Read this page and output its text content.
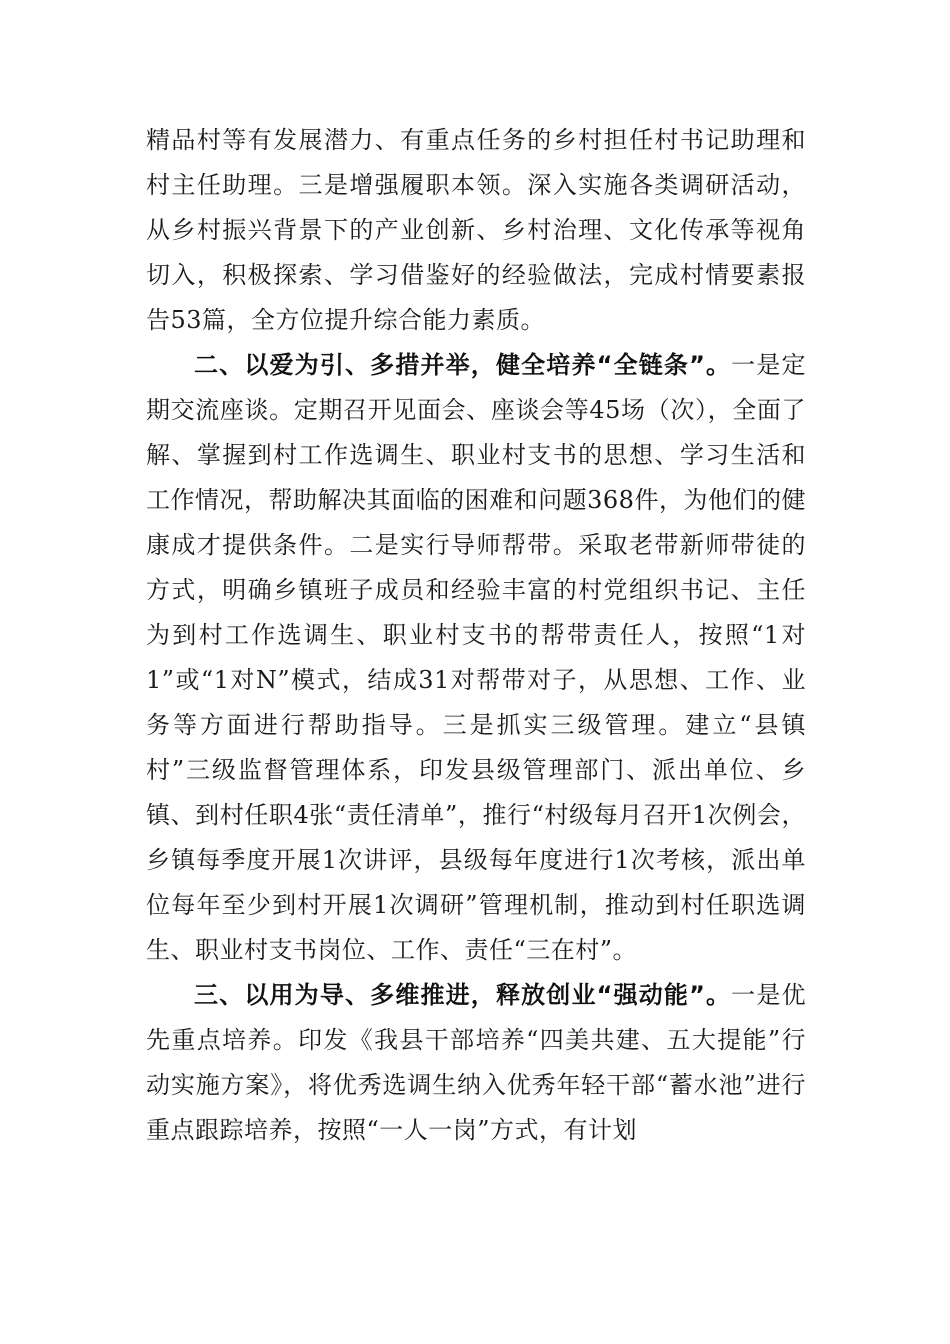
精品村等有发展潜力、有重点任务的乡村担任村书记助理和村主任助理。三是增强履职本领。深入实施各类调研活动，从乡村振兴背景下的产业创新、乡村治理、文化传承等视角切入，积极探索、学习借鉴好的经验做法，完成村情要素报告53篇，全方位提升综合能力素质。

二、以爱为引、多措并举，健全培养“全链条”。一是定期交流座谈。定期召开见面会、座谈会等45场（次），全面了解、掌握到村工作选调生、职业村支书的思想、学习生活和工作情况，帮助解决其面临的困难和问题368件，为他们的健康成才提供条件。二是实行导师帮带。采取老带新师带徒的方式，明确乡镇班子成员和经验丰富的村党组织书记、主任为到村工作选调生、职业村支书的帮带责任人，按照“1对1”或“1对N”模式，结成31对帮带对子，从思想、工作、业务等方面进行帮助指导。三是抓实三级管理。建立“县镇村”三级监督管理体系，印发县级管理部门、派出单位、乡镇、到村任职4张“责任清单”，推行“村级每月召开1次例会，乡镇每季度开展1次讲评，县级每年度进行1次考核，派出单位每年至少到村开展1次调研”管理机制，推动到村任职选调生、职业村支书岗位、工作、责任“三在村”。

三、以用为导、多维推进，释放创业“强动能”。一是优先重点培养。印发《我县干部培养“四美共建、五大提能”行动实施方案》，将优秀选调生纳入优秀年轻干部“蓄水池”进行重点跟踪培养，按照“一人一岗”方式，有计划
